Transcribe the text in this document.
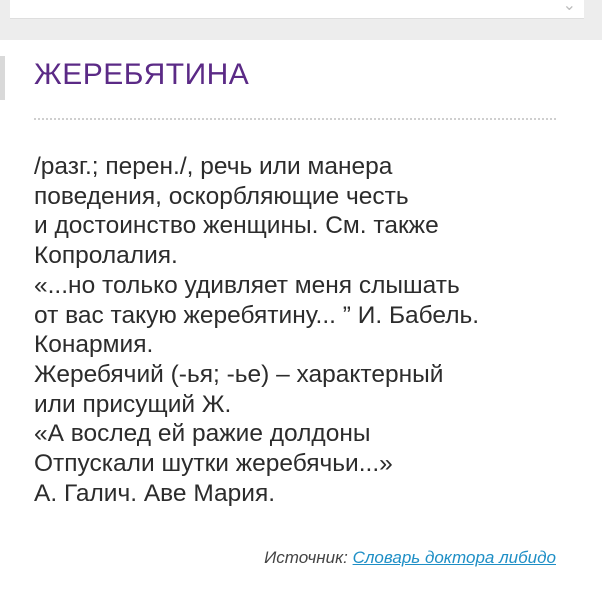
⌄
ЖЕРЕБЯТИНА

/разг.; перен./, речь или манера
поведения, оскорбляющие честь
и достоинство женщины. См. также
Копролалия.
«...но только удивляет меня слышать
от вас такую жеребятину... ” И. Бабель.
Конармия.
Жеребячий (-ья; -ье) – характерный
или присущий Ж.
«А вослед ей ражие долдоны
Отпускали шутки жеребячьи...»
А. Галич. Аве Мария.

Источник: Словарь доктора либидо
